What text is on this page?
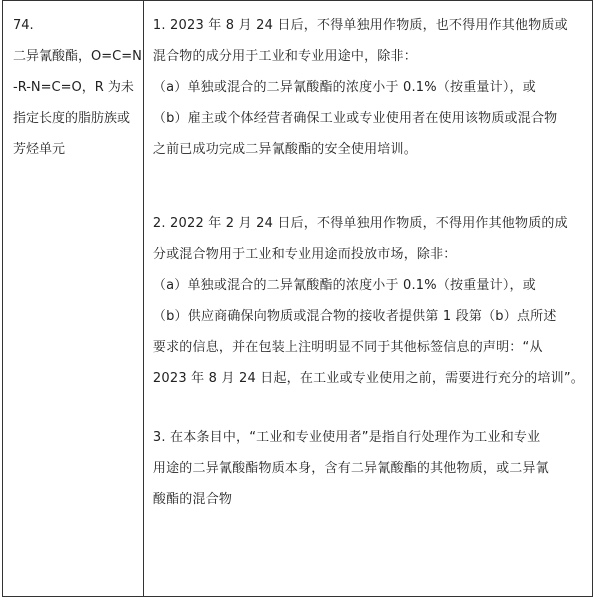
74.
二异氰酸酯，O=C=N
-R-N=C=O，R 为未
指定长度的脂肪族或
芳烃单元
1. 2023 年 8 月 24 日后，不得单独用作物质，也不得用作其他物质或
混合物的成分用于工业和专业用途中，除非：
（a）单独或混合的二异氰酸酯的浓度小于 0.1%（按重量计），或
（b）雇主或个体经营者确保工业或专业使用者在使用该物质或混合物
之前已成功完成二异氰酸酯的安全使用培训。
2. 2022 年 2 月 24 日后，不得单独用作物质，不得用作其他物质的成
分或混合物用于工业和专业用途而投放市场，除非：
（a）单独或混合的二异氰酸酯的浓度小于 0.1%（按重量计），或
（b）供应商确保向物质或混合物的接收者提供第 1 段第（b）点所述
要求的信息，并在包装上注明明显不同于其他标签信息的声明：“从
2023 年 8 月 24 日起，在工业或专业使用之前，需要进行充分的培训”。
3. 在本条目中，“工业和专业使用者”是指自行处理作为工业和专业
用途的二异氰酸酯物质本身，含有二异氰酸酯的其他物质，或二异氰
酸酯的混合物
